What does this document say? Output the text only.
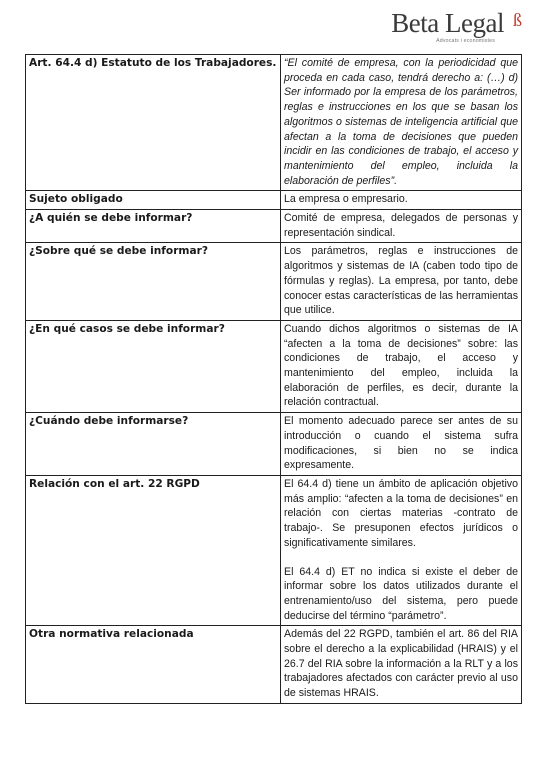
Beta Legal ß
Advocats i economistes
Art. 64.4 d) Estatuto de los Trabajadores.	“El comité de empresa, con la periodicidad que proceda en cada caso, tendrá derecho a: (…) d) Ser informado por la empresa de los parámetros, reglas e instrucciones en los que se basan los algoritmos o sistemas de inteligencia artificial que afectan a la toma de decisiones que pueden incidir en las condiciones de trabajo, el acceso y mantenimiento del empleo, incluida la elaboración de perfiles”.
Sujeto obligado	La empresa o empresario.
¿A quién se debe informar?	Comité de empresa, delegados de personas y representación sindical.
¿Sobre qué se debe informar?	Los parámetros, reglas e instrucciones de algoritmos y sistemas de IA (caben todo tipo de fórmulas y reglas). La empresa, por tanto, debe conocer estas características de las herramientas que utilice.
¿En qué casos se debe informar?	Cuando dichos algoritmos o sistemas de IA “afecten a la toma de decisiones” sobre: las condiciones de trabajo, el acceso y mantenimiento del empleo, incluida la elaboración de perfiles, es decir, durante la relación contractual.
¿Cuándo debe informarse?	El momento adecuado parece ser antes de su introducción o cuando el sistema sufra modificaciones, si bien no se indica expresamente.
Relación con el art. 22 RGPD	El 64.4 d) tiene un ámbito de aplicación objetivo más amplio: “afecten a la toma de decisiones” en relación con ciertas materias -contrato de trabajo-. Se presuponen efectos jurídicos o significativamente similares.
El 64.4 d) ET no indica si existe el deber de informar sobre los datos utilizados durante el entrenamiento/uso del sistema, pero puede deducirse del término “parámetro”.
Otra normativa relacionada	Además del 22 RGPD, también el art. 86 del RIA sobre el derecho a la explicabilidad (HRAIS) y el 26.7 del RIA sobre la información a la RLT y a los trabajadores afectados con carácter previo al uso de sistemas HRAIS.
